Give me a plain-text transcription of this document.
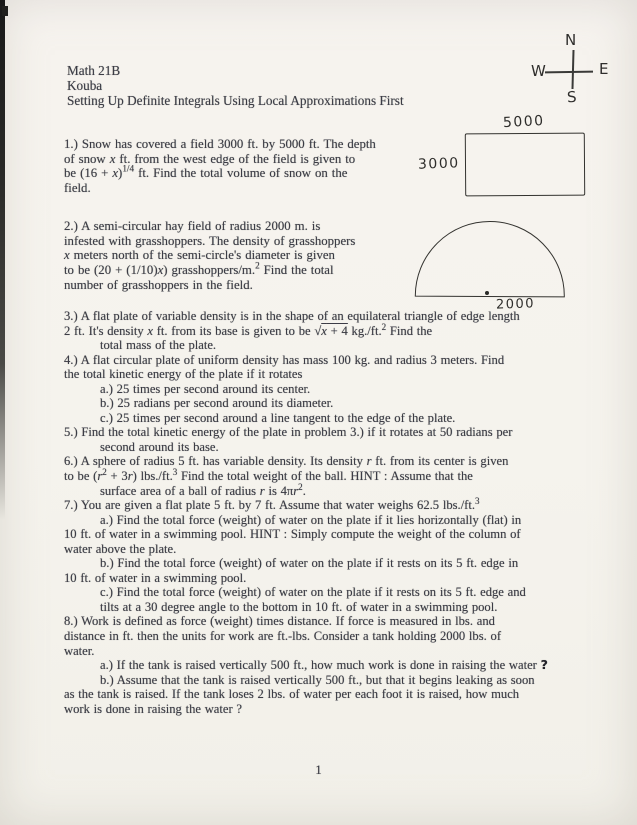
Math 21B
Kouba
Setting Up Definite Integrals Using Local Approximations First
N
W	E
S
1.) Snow has covered a field 3000 ft. by 5000 ft. The depth
of snow x ft. from the west edge of the field is given to
be $(16 + x)^{1/4}$ ft. Find the total volume of snow on the
field.
5000
3000
2.) A semi-circular hay field of radius 2000 m. is
infested with grasshoppers. The density of grasshoppers
x meters north of the semi-circle's diameter is given
to be (20 + (1/10)x) grasshoppers/m.$^2$ Find the total
number of grasshoppers in the field.
2000
3.) A flat plate of variable density is in the shape of an equilateral triangle of edge length
2 ft. It's density x ft. from its base is given to be √x + 4 kg./ft.$^2$ Find the
total mass of the plate.
4.) A flat circular plate of uniform density has mass 100 kg. and radius 3 meters. Find
the total kinetic energy of the plate if it rotates
a.) 25 times per second around its center.
b.) 25 radians per second around its diameter.
c.) 25 times per second around a line tangent to the edge of the plate.
5.) Find the total kinetic energy of the plate in problem 3.) if it rotates at 50 radians per
second around its base.
6.) A sphere of radius 5 ft. has variable density. Its density r ft. from its center is given
to be $(r^2 + 3r)$ lbs./ft.$^3$ Find the total weight of the ball. HINT : Assume that the
surface area of a ball of radius r is $4\pi r^2$.
7.) You are given a flat plate 5 ft. by 7 ft. Assume that water weighs 62.5 lbs./ft.$^3$
a.) Find the total force (weight) of water on the plate if it lies horizontally (flat) in
10 ft. of water in a swimming pool. HINT : Simply compute the weight of the column of
water above the plate.
b.) Find the total force (weight) of water on the plate if it rests on its 5 ft. edge in
10 ft. of water in a swimming pool.
c.) Find the total force (weight) of water on the plate if it rests on its 5 ft. edge and
tilts at a 30 degree angle to the bottom in 10 ft. of water in a swimming pool.
8.) Work is defined as force (weight) times distance. If force is measured in lbs. and
distance in ft. then the units for work are ft.-lbs. Consider a tank holding 2000 lbs. of
water.
a.) If the tank is raised vertically 500 ft., how much work is done in raising the water ?
b.) Assume that the tank is raised vertically 500 ft., but that it begins leaking as soon
as the tank is raised. If the tank loses 2 lbs. of water per each foot it is raised, how much
work is done in raising the water ?
1
